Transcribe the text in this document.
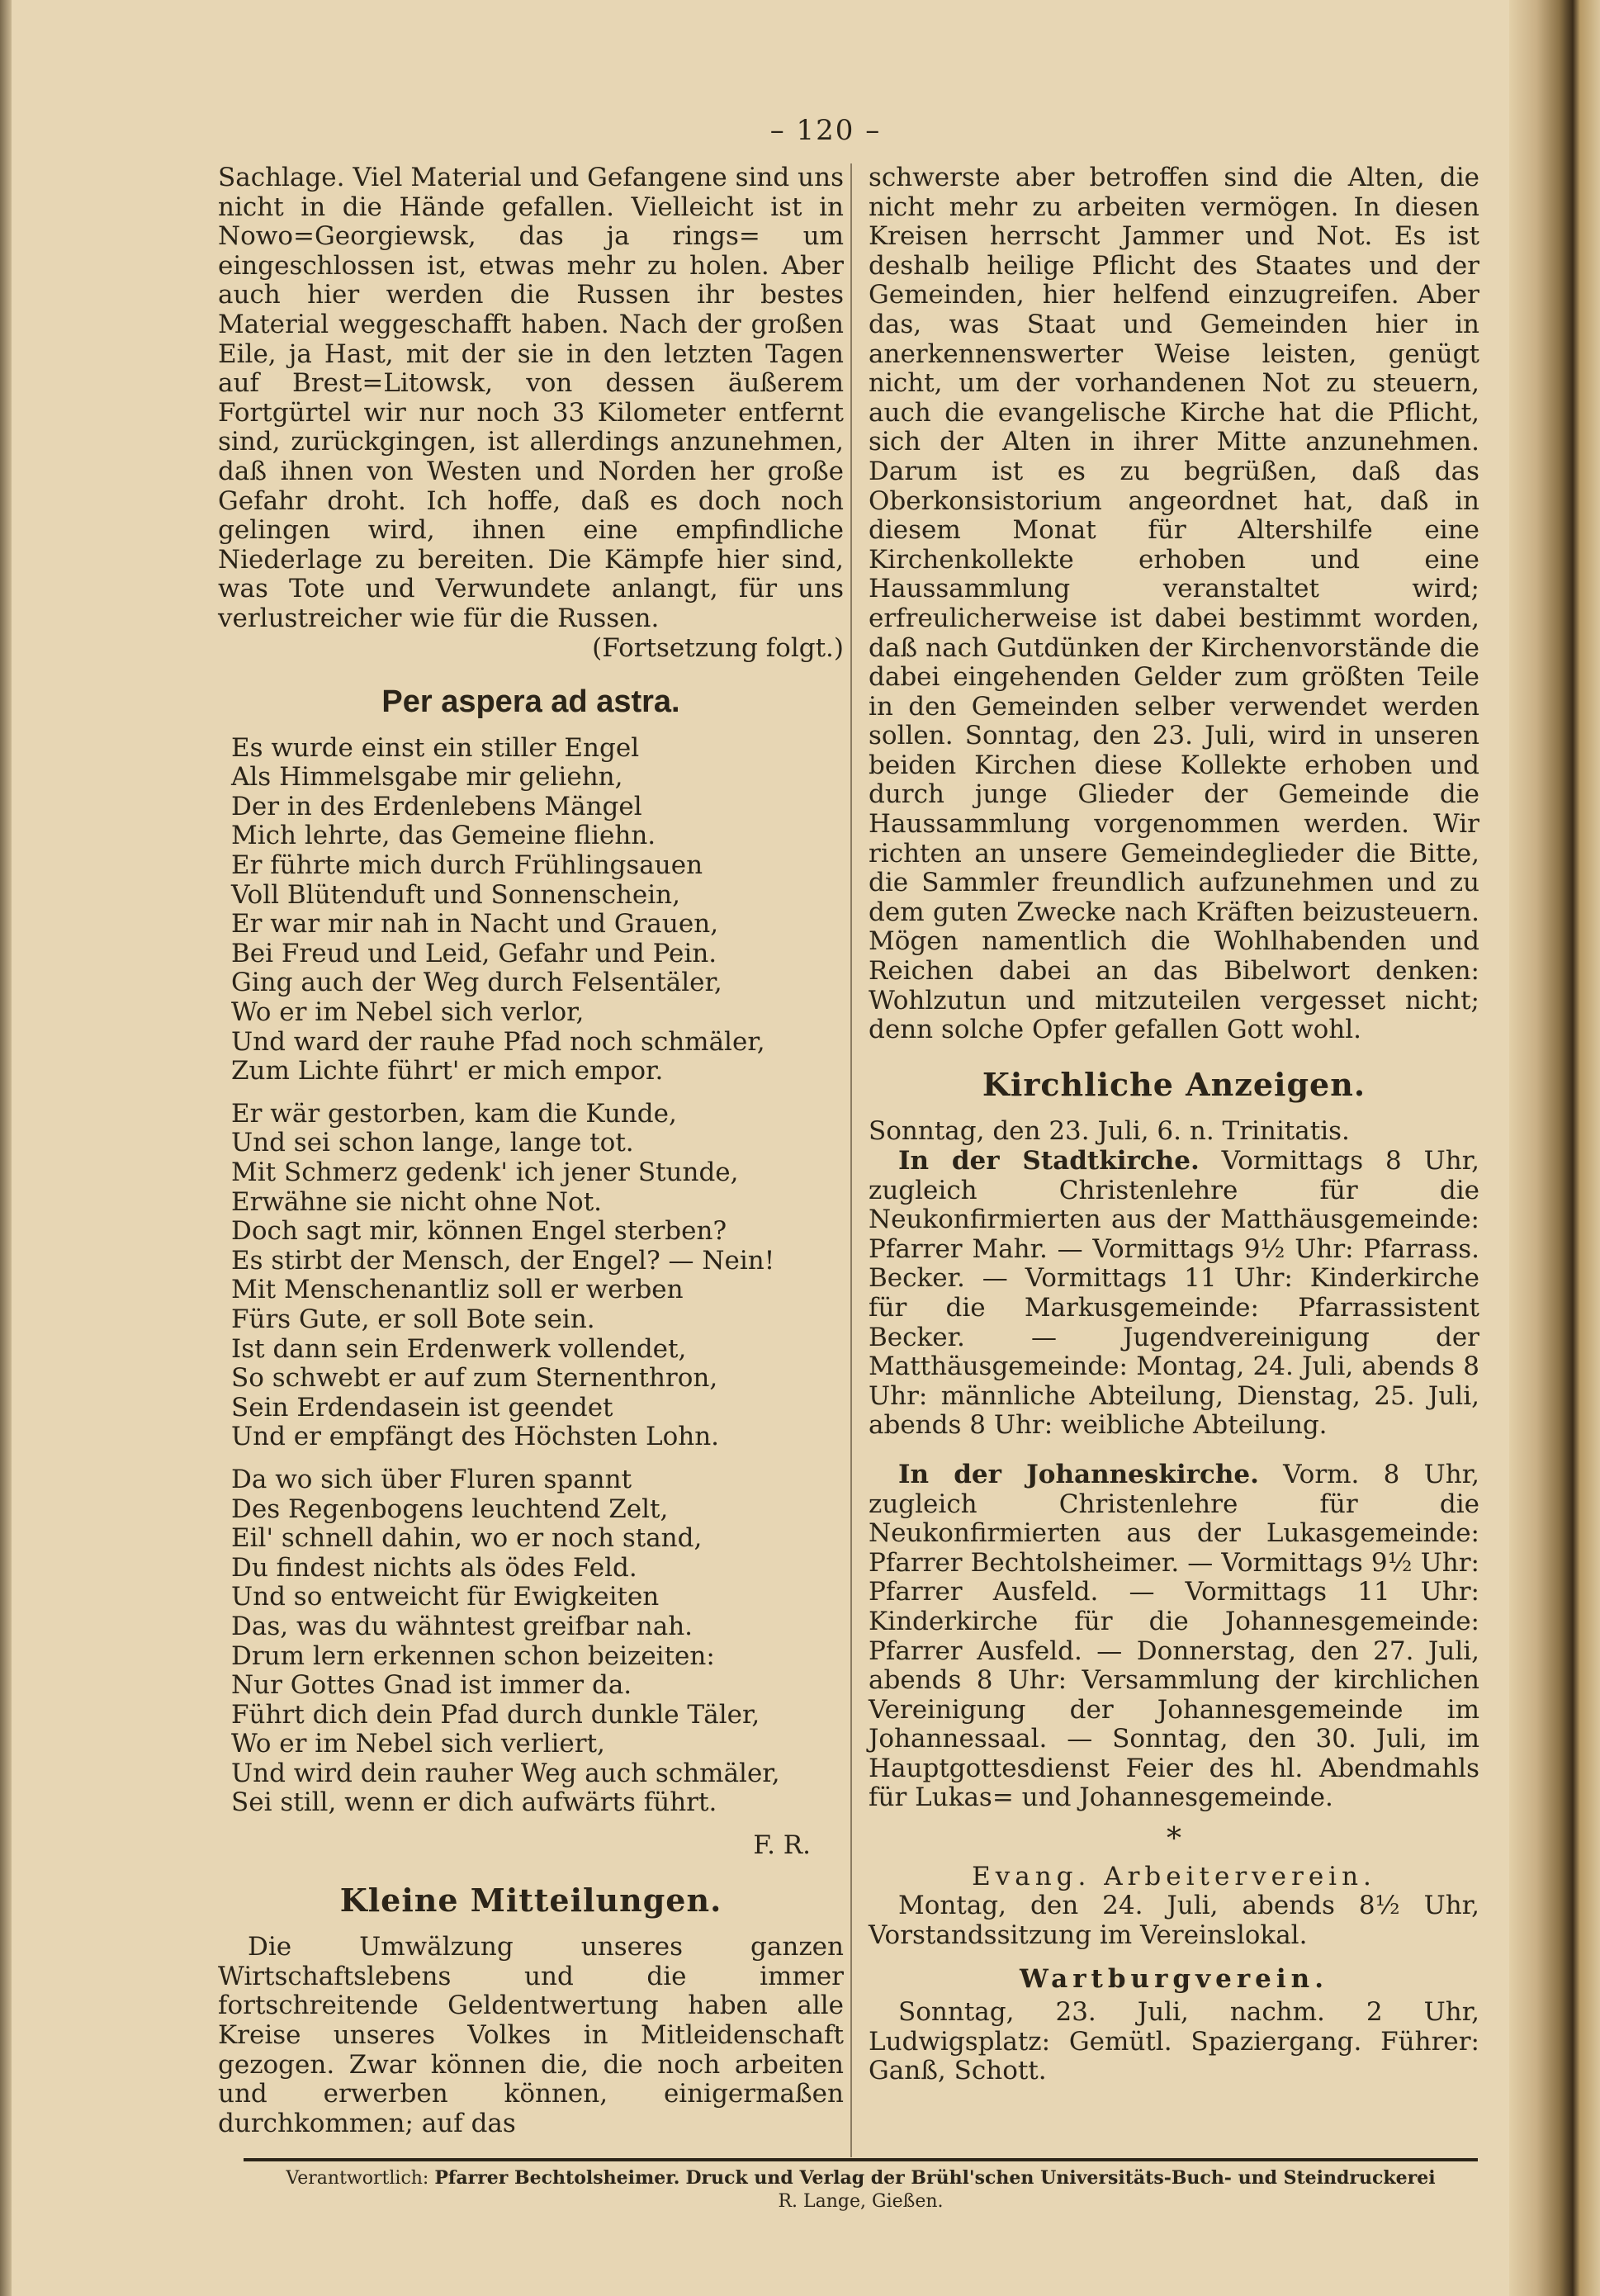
– 120 –

Sachlage. Viel Material und Gefangene sind uns nicht in die Hände gefallen. Vielleicht ist in Nowo=Georgiewsk, das ja rings= um eingeschlossen ist, etwas mehr zu holen. Aber auch hier werden die Russen ihr bestes Material weggeschafft haben. Nach der großen Eile, ja Hast, mit der sie in den letzten Tagen auf Brest=Litowsk, von dessen äußerem Fortgürtel wir nur noch 33 Kilometer entfernt sind, zurückgingen, ist allerdings anzunehmen, daß ihnen von Westen und Norden her große Gefahr droht. Ich hoffe, daß es doch noch gelingen wird, ihnen eine empfindliche Niederlage zu bereiten. Die Kämpfe hier sind, was Tote und Verwundete anlangt, für uns verlustreicher wie für die Russen.

(Fortsetzung folgt.)

Per aspera ad astra.
Es wurde einst ein stiller Engel
Als Himmelsgabe mir geliehn,
Der in des Erdenlebens Mängel
Mich lehrte, das Gemeine fliehn.
Er führte mich durch Frühlingsauen
Voll Blütenduft und Sonnenschein,
Er war mir nah in Nacht und Grauen,
Bei Freud und Leid, Gefahr und Pein.
Ging auch der Weg durch Felsentäler,
Wo er im Nebel sich verlor,
Und ward der rauhe Pfad noch schmäler,
Zum Lichte führt' er mich empor.
Er wär gestorben, kam die Kunde,
Und sei schon lange, lange tot.
Mit Schmerz gedenk' ich jener Stunde,
Erwähne sie nicht ohne Not.
Doch sagt mir, können Engel sterben?
Es stirbt der Mensch, der Engel? — Nein!
Mit Menschenantliz soll er werben
Fürs Gute, er soll Bote sein.
Ist dann sein Erdenwerk vollendet,
So schwebt er auf zum Sternenthron,
Sein Erdendasein ist geendet
Und er empfängt des Höchsten Lohn.
Da wo sich über Fluren spannt
Des Regenbogens leuchtend Zelt,
Eil' schnell dahin, wo er noch stand,
Du findest nichts als ödes Feld.
Und so entweicht für Ewigkeiten
Das, was du wähntest greifbar nah.
Drum lern erkennen schon beizeiten:
Nur Gottes Gnad ist immer da.
Führt dich dein Pfad durch dunkle Täler,
Wo er im Nebel sich verliert,
Und wird dein rauher Weg auch schmäler,
Sei still, wenn er dich aufwärts führt.
F. R.
Kleine Mitteilungen.

Die Umwälzung unseres ganzen Wirtschaftslebens und die immer fortschreitende Geldentwertung haben alle Kreise unseres Volkes in Mitleidenschaft gezogen. Zwar können die, die noch arbeiten und erwerben können, einigermaßen durchkommen; auf das

schwerste aber betroffen sind die Alten, die nicht mehr zu arbeiten vermögen. In diesen Kreisen herrscht Jammer und Not. Es ist deshalb heilige Pflicht des Staates und der Gemeinden, hier helfend einzugreifen. Aber das, was Staat und Gemeinden hier in anerkennenswerter Weise leisten, genügt nicht, um der vorhandenen Not zu steuern, auch die evangelische Kirche hat die Pflicht, sich der Alten in ihrer Mitte anzunehmen. Darum ist es zu begrüßen, daß das Oberkonsistorium angeordnet hat, daß in diesem Monat für Altershilfe eine Kirchenkollekte erhoben und eine Haussammlung veranstaltet wird; erfreulicherweise ist dabei bestimmt worden, daß nach Gutdünken der Kirchenvorstände die dabei eingehenden Gelder zum größten Teile in den Gemeinden selber verwendet werden sollen. Sonntag, den 23. Juli, wird in unseren beiden Kirchen diese Kollekte erhoben und durch junge Glieder der Gemeinde die Haussammlung vorgenommen werden. Wir richten an unsere Gemeindeglieder die Bitte, die Sammler freundlich aufzunehmen und zu dem guten Zwecke nach Kräften beizusteuern. Mögen namentlich die Wohlhabenden und Reichen dabei an das Bibelwort denken: Wohlzutun und mitzuteilen vergesset nicht; denn solche Opfer gefallen Gott wohl.

Kirchliche Anzeigen.

Sonntag, den 23. Juli, 6. n. Trinitatis.

In der Stadtkirche. Vormittags 8 Uhr, zugleich Christenlehre für die Neukonfirmierten aus der Matthäusgemeinde: Pfarrer Mahr. — Vormittags 9½ Uhr: Pfarrass. Becker. — Vormittags 11 Uhr: Kinderkirche für die Markusgemeinde: Pfarrassistent Becker. — Jugendvereinigung der Matthäusgemeinde: Montag, 24. Juli, abends 8 Uhr: männliche Abteilung, Dienstag, 25. Juli, abends 8 Uhr: weibliche Abteilung.

In der Johanneskirche. Vorm. 8 Uhr, zugleich Christenlehre für die Neukonfirmierten aus der Lukasgemeinde: Pfarrer Bechtolsheimer. — Vormittags 9½ Uhr: Pfarrer Ausfeld. — Vormittags 11 Uhr: Kinderkirche für die Johannesgemeinde: Pfarrer Ausfeld. — Donnerstag, den 27. Juli, abends 8 Uhr: Versammlung der kirchlichen Vereinigung der Johannesgemeinde im Johannessaal. — Sonntag, den 30. Juli, im Hauptgottesdienst Feier des hl. Abendmahls für Lukas= und Johannesgemeinde.

*
Evang. Arbeiterverein.

Montag, den 24. Juli, abends 8½ Uhr, Vorstandssitzung im Vereinslokal.

Wartburgverein.

Sonntag, 23. Juli, nachm. 2 Uhr, Ludwigsplatz: Gemütl. Spaziergang. Führer: Ganß, Schott.

Verantwortlich: Pfarrer Bechtolsheimer. Druck und Verlag der Brühl'schen Universitäts-Buch- und Steindruckerei
R. Lange, Gießen.
